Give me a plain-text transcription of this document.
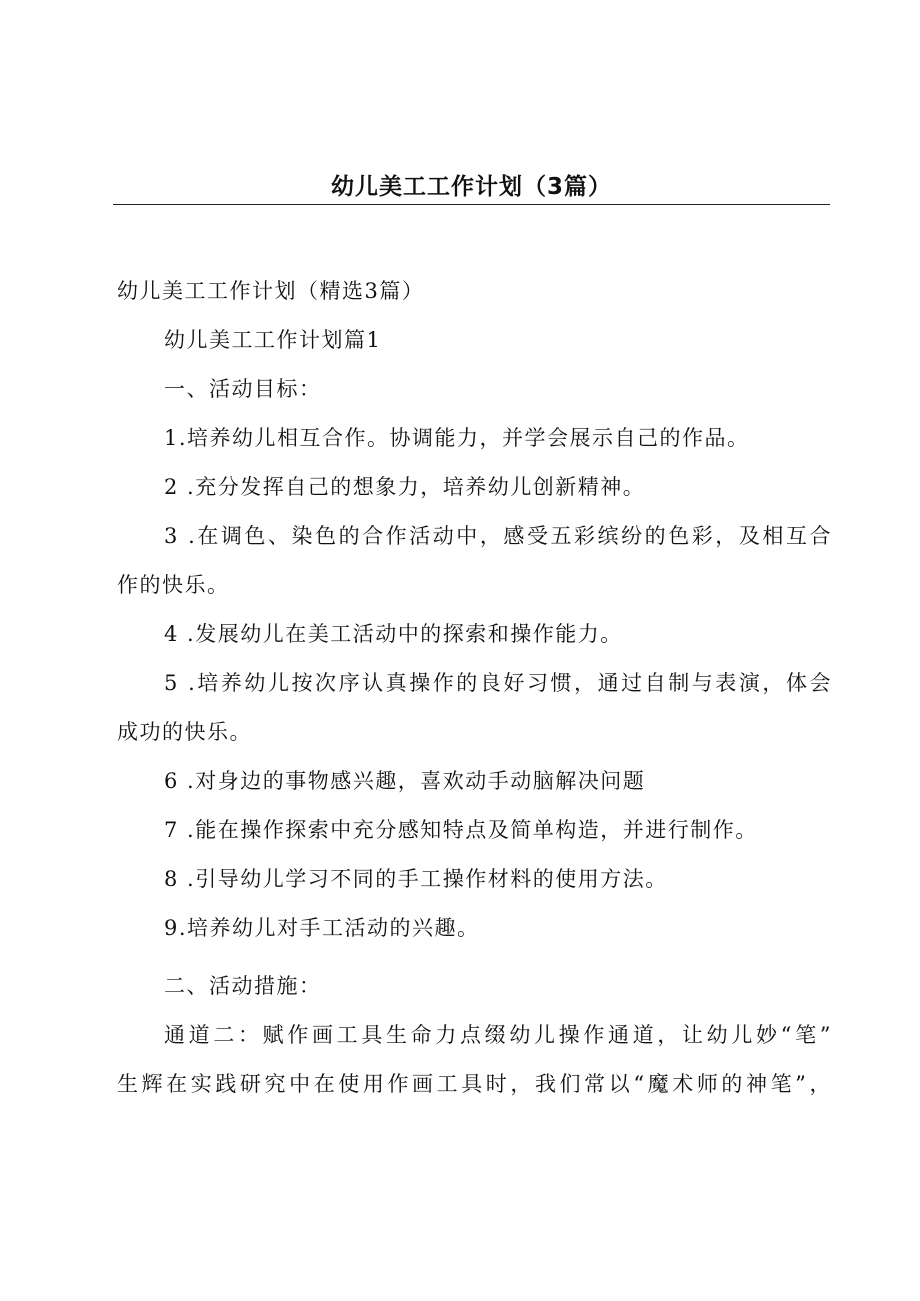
幼儿美工工作计划（3篇）
幼儿美工工作计划（精选3篇）
幼儿美工工作计划篇1
一、活动目标：
1.培养幼儿相互合作。协调能力，并学会展示自己的作品。
2 .充分发挥自己的想象力，培养幼儿创新精神。
3 .在调色、染色的合作活动中，感受五彩缤纷的色彩，及相互合
作的快乐。
4 .发展幼儿在美工活动中的探索和操作能力。
5 .培养幼儿按次序认真操作的良好习惯，通过自制与表演，体会
成功的快乐。
6 .对身边的事物感兴趣，喜欢动手动脑解决问题
7 .能在操作探索中充分感知特点及简单构造，并进行制作。
8 .引导幼儿学习不同的手工操作材料的使用方法。
9.培养幼儿对手工活动的兴趣。
二、活动措施：
通道二：赋作画工具生命力点缀幼儿操作通道，让幼儿妙“笔”
生辉在实践研究中在使用作画工具时，我们常以“魔术师的神笔”，
